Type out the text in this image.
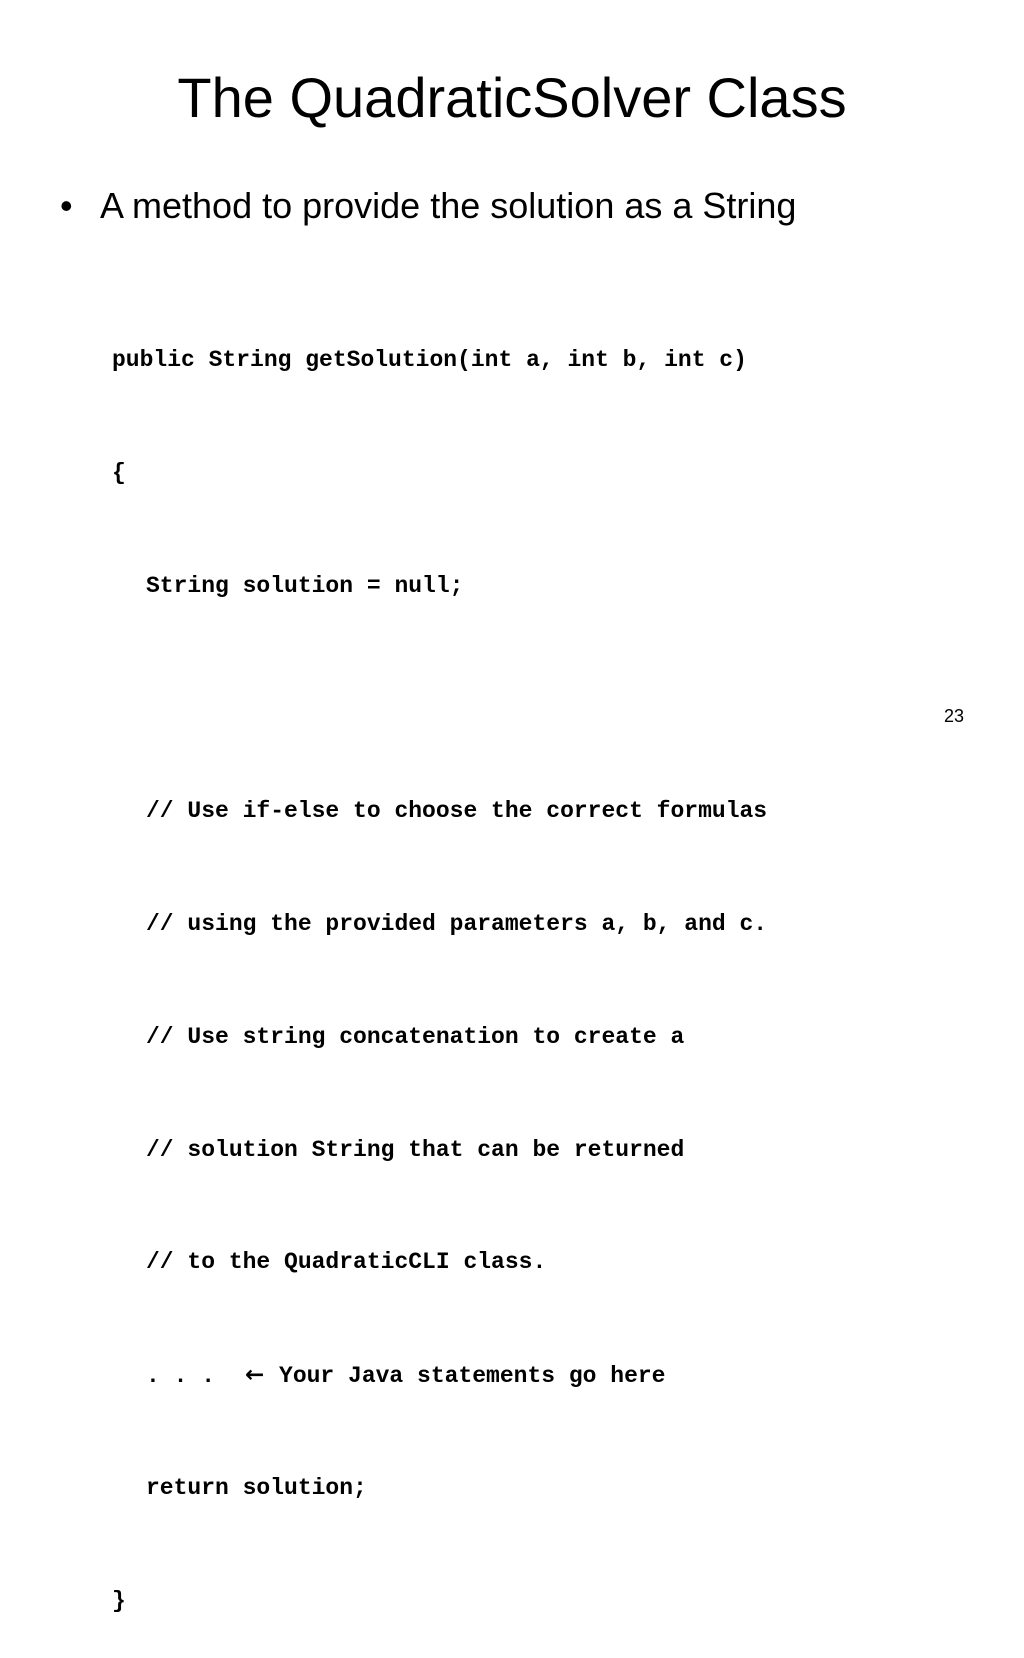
The QuadraticSolver Class
• A method to provide the solution as a String

public String getSolution(int a, int b, int c)

{

String solution = null;

// Use if-else to choose the correct formulas

// using the provided parameters a, b, and c.

// Use string concatenation to create a

// solution String that can be returned

// to the QuadraticCLI class.

. . . ← Your Java statements go here

return solution;

}

23
